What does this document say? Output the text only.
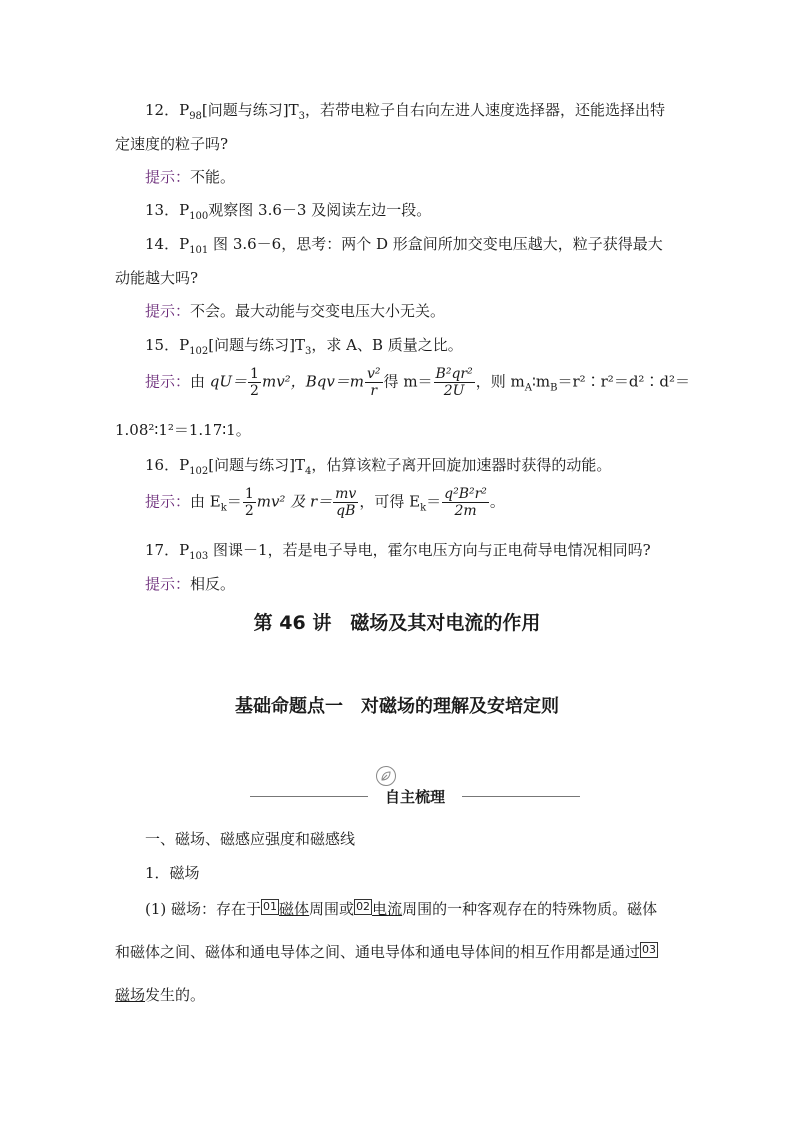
12．$P_{98}$[问题与练习]$T_3$，若带电粒子自右向左进人速度选择器，还能选择出特
定速度的粒子吗?
提示：不能。
13．$P_{100}$观察图 3.6－3 及阅读左边一段。
14．$P_{101}$ 图 3.6－6，思考：两个 D 形盒间所加交变电压越大，粒子获得最大
动能越大吗?
提示：不会。最大动能与交变电压大小无关。
15．$P_{102}$[问题与练习]$T_3$，求 A、B 质量之比。
提示：由 $qU= \frac{1}{2} mv^2$，$Bqv=m \frac{\text{v²}}{r}$ 得 $m= \frac{\text{B²qr²}}{2U}$ ，则 $m_A∶m_B=r^2∶r^2=d^2∶d^2=$
1.08²∶1²＝1.17∶1。
16．$P_{102}$[问题与练习]$T_4$，估算该粒子离开回旋加速器时获得的动能。
提示：由 $E_k= \frac{1}{2} mv^2$ 及 $r= \frac{mv}{qB}$ ，可得 $E_k= \frac{\text{q²B²r²}}{2m}$ 。
17．$P_{103}$ 图课－1，若是电子导电，霍尔电压方向与正电荷导电情况相同吗?
提示：相反。
第 46 讲　磁场及其对电流的作用
基础命题点一　对磁场的理解及安培定则
自主梳理
一、磁场、磁感应强度和磁感线
1．磁场
(1) 磁场：存在于 01 磁体周围或 02 电流周围的一种客观存在的特殊物质。磁体
和磁体之间、磁体和通电导体之间、通电导体和通电导体间的相互作用都是通过 03
磁场发生的。
